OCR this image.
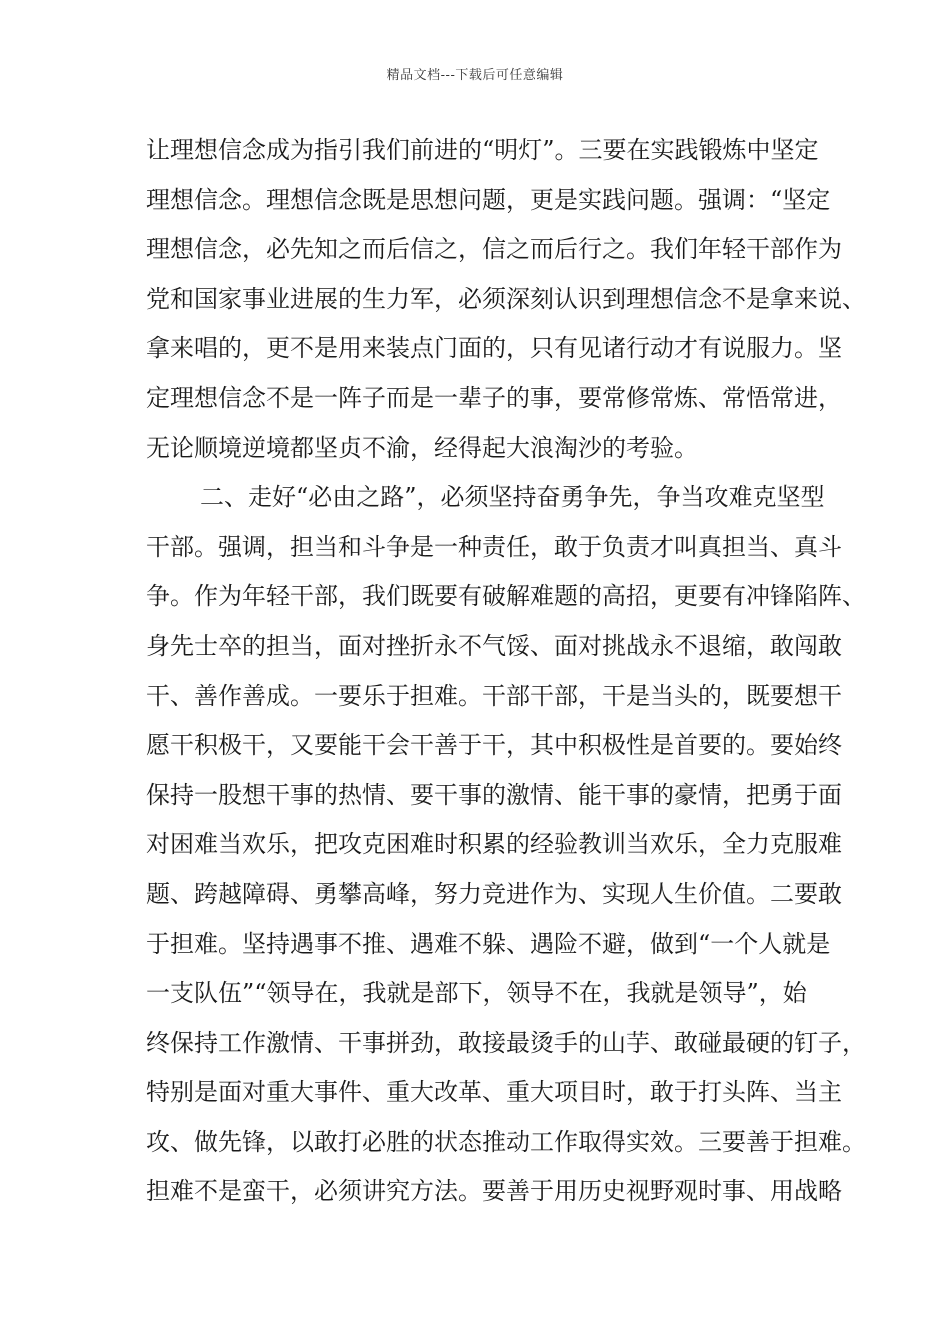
精品文档---下载后可任意编辑
让理想信念成为指引我们前进的“明灯”。三要在实践锻炼中坚定
理想信念。理想信念既是思想问题，更是实践问题。强调：“坚定
理想信念，必先知之而后信之，信之而后行之。我们年轻干部作为
党和国家事业进展的生力军，必须深刻认识到理想信念不是拿来说、
拿来唱的，更不是用来装点门面的，只有见诸行动才有说服力。坚
定理想信念不是一阵子而是一辈子的事，要常修常炼、常悟常进，
无论顺境逆境都坚贞不渝，经得起大浪淘沙的考验。
二、走好“必由之路”，必须坚持奋勇争先，争当攻难克坚型
干部。强调，担当和斗争是一种责任，敢于负责才叫真担当、真斗
争。作为年轻干部，我们既要有破解难题的高招，更要有冲锋陷阵、
身先士卒的担当，面对挫折永不气馁、面对挑战永不退缩，敢闯敢
干、善作善成。一要乐于担难。干部干部，干是当头的，既要想干
愿干积极干，又要能干会干善于干，其中积极性是首要的。要始终
保持一股想干事的热情、要干事的激情、能干事的豪情，把勇于面
对困难当欢乐，把攻克困难时积累的经验教训当欢乐，全力克服难
题、跨越障碍、勇攀高峰，努力竞进作为、实现人生价值。二要敢
于担难。坚持遇事不推、遇难不躲、遇险不避，做到“一个人就是
一支队伍”“领导在，我就是部下，领导不在，我就是领导”，始
终保持工作激情、干事拼劲，敢接最烫手的山芋、敢碰最硬的钉子，
特别是面对重大事件、重大改革、重大项目时，敢于打头阵、当主
攻、做先锋，以敢打必胜的状态推动工作取得实效。三要善于担难。
担难不是蛮干，必须讲究方法。要善于用历史视野观时事、用战略
